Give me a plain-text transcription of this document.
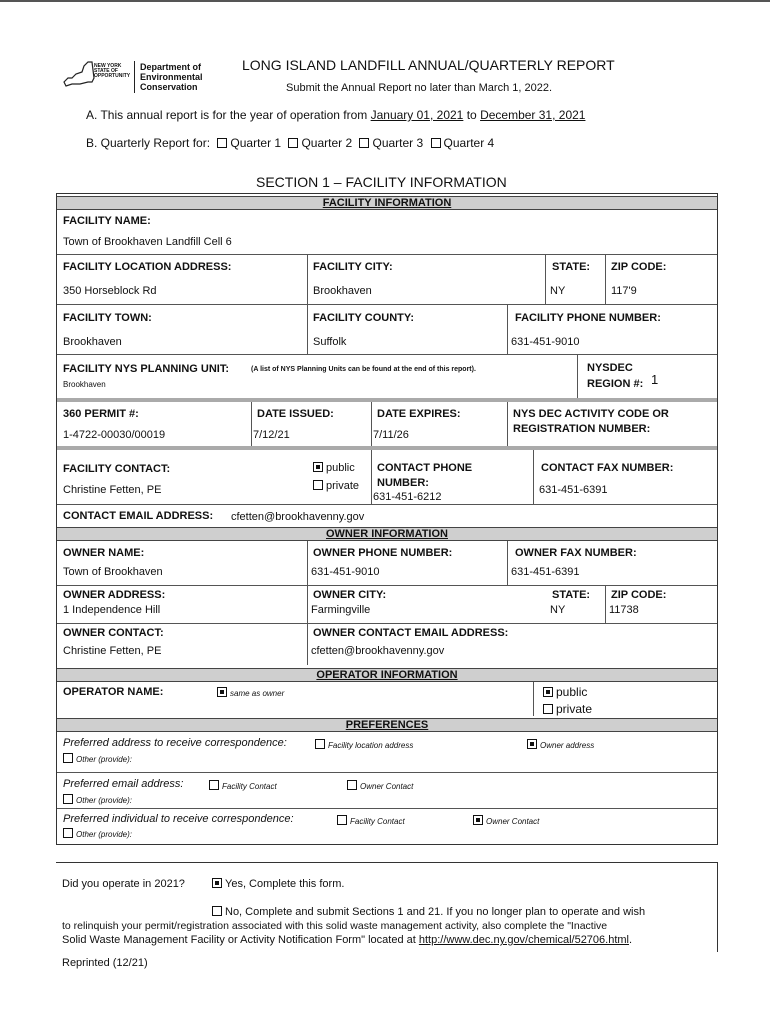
NEW YORK
STATE OF
OPPORTUNITY
Department of
Environmental
Conservation
LONG ISLAND LANDFILL ANNUAL/QUARTERLY REPORT
Submit the Annual Report no later than March 1, 2022.
A. This annual report is for the year of operation from January 01, 2021 to December 31, 2021
B. Quarterly Report for: Quarter 1 Quarter 2 Quarter 3 Quarter 4
SECTION 1 – FACILITY INFORMATION
FACILITY INFORMATION
FACILITY NAME:
Town of Brookhaven Landfill Cell 6
FACILITY LOCATION ADDRESS:
350 Horseblock Rd
FACILITY CITY:
Brookhaven
STATE:
NY
ZIP CODE:
117'9
FACILITY TOWN:
Brookhaven
FACILITY COUNTY:
Suffolk
FACILITY PHONE NUMBER:
631-451-9010
FACILITY NYS PLANNING UNIT:	(A list of NYS Planning Units can be found at the end of this report).
Brookhaven
NYSDEC
REGION #: 1
360 PERMIT #:
1-4722-00030/00019
DATE ISSUED:
7/12/21
DATE EXPIRES:
7/11/26
NYS DEC ACTIVITY CODE OR
REGISTRATION NUMBER:
FACILITY CONTACT:
Christine Fetten, PE
public
private
CONTACT PHONE
NUMBER:
631-451-6212
CONTACT FAX NUMBER:
631-451-6391
CONTACT EMAIL ADDRESS: cfetten@brookhavenny.gov
OWNER INFORMATION
OWNER NAME:
Town of Brookhaven
OWNER PHONE NUMBER:
631-451-9010
OWNER FAX NUMBER:
631-451-6391
OWNER ADDRESS:
1 Independence Hill
OWNER CITY:
Farmingville
STATE:
NY
ZIP CODE:
11738
OWNER CONTACT:
Christine Fetten, PE
OWNER CONTACT EMAIL ADDRESS:
cfetten@brookhavenny.gov
OPERATOR INFORMATION
OPERATOR NAME:	same as owner	public
private
PREFERENCES
Preferred address to receive correspondence:	Facility location address	Owner address
Other (provide):
Preferred email address:	Facility Contact	Owner Contact
Other (provide):
Preferred individual to receive correspondence:	Facility Contact	Owner Contact
Other (provide):
Did you operate in 2021?	Yes, Complete this form.
No, Complete and submit Sections 1 and 21. If you no longer plan to operate and wish
to relinquish your permit/registration associated with this solid waste management activity, also complete the "Inactive
Solid Waste Management Facility or Activity Notification Form" located at http://www.dec.ny.gov/chemical/52706.html.
Reprinted (12/21)
